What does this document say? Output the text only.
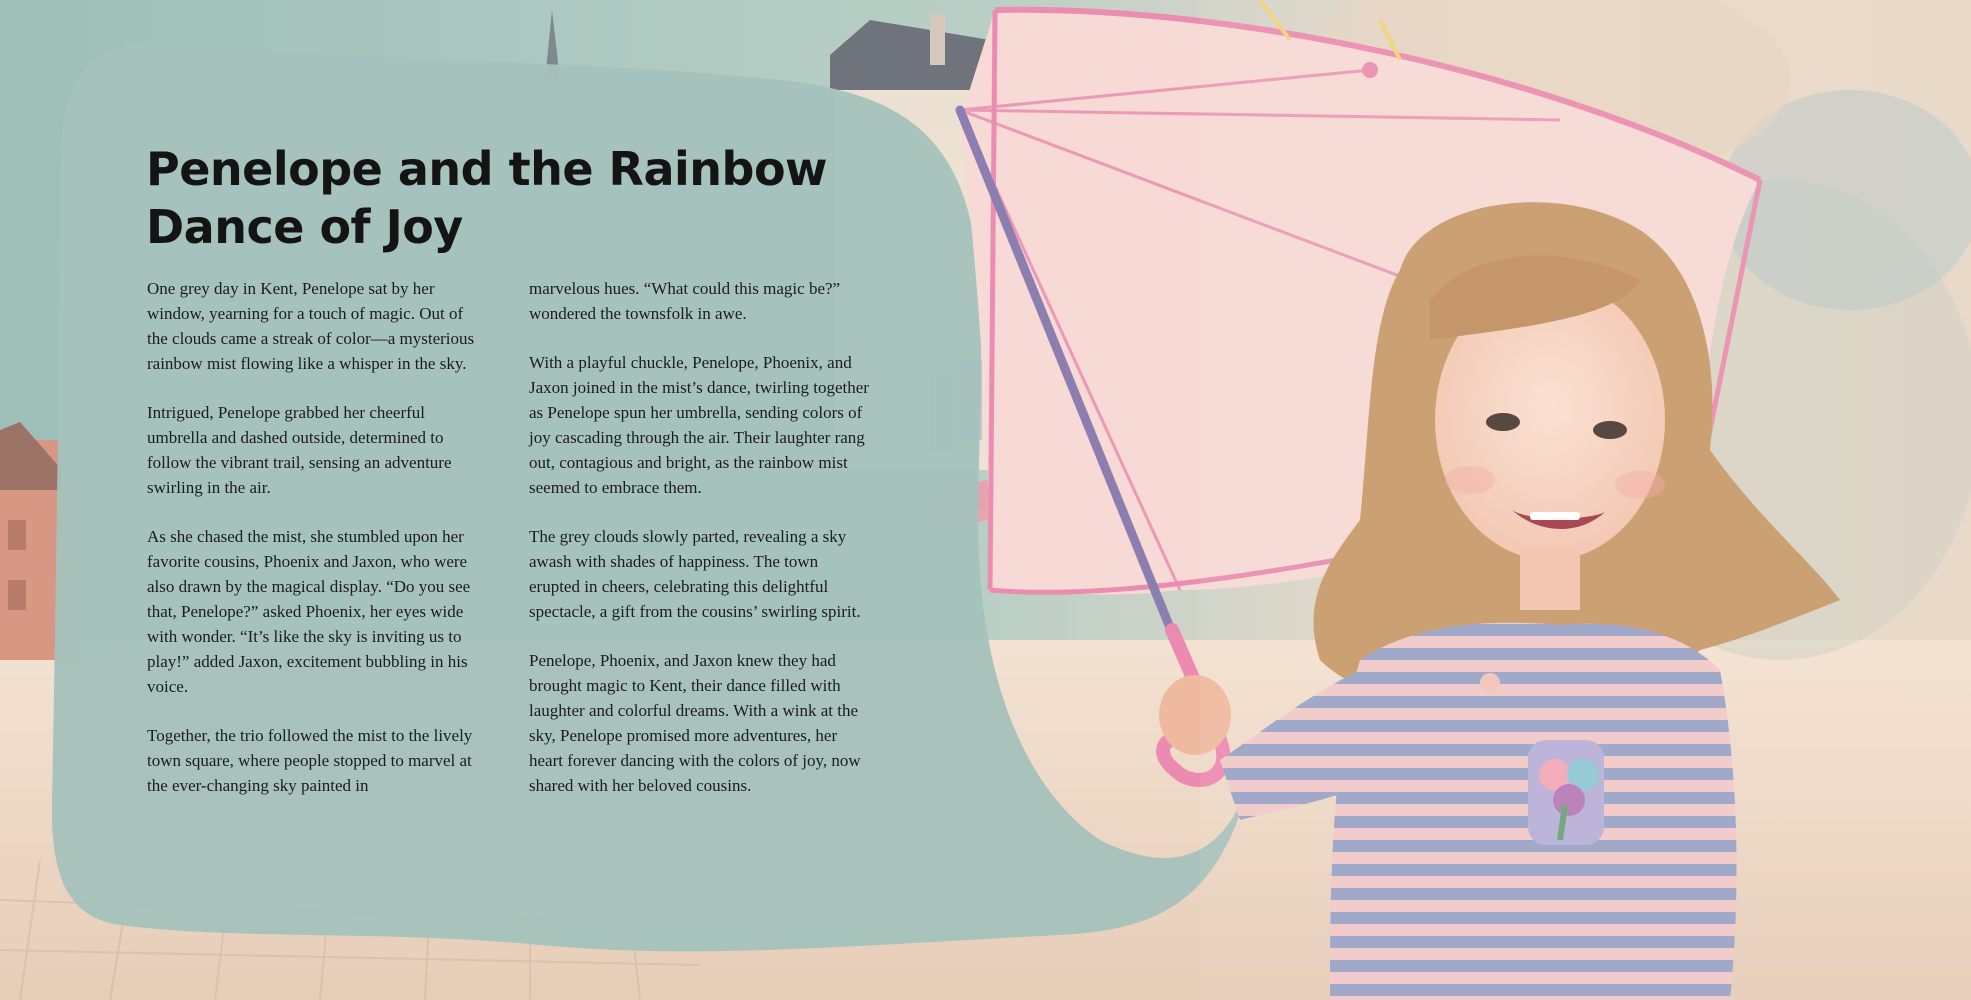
Penelope and the Rainbow Dance of Joy

One grey day in Kent, Penelope sat by her window, yearning for a touch of magic. Out of the clouds came a streak of color—a mysterious rainbow mist flowing like a whisper in the sky.

Intrigued, Penelope grabbed her cheerful umbrella and dashed outside, determined to follow the vibrant trail, sensing an adventure swirling in the air.

As she chased the mist, she stumbled upon her favorite cousins, Phoenix and Jaxon, who were also drawn by the magical display. “Do you see that, Penelope?” asked Phoenix, her eyes wide with wonder. “It’s like the sky is inviting us to play!” added Jaxon, excitement bubbling in his voice.

Together, the trio followed the mist to the lively town square, where people stopped to marvel at the ever-changing sky painted in

marvelous hues. “What could this magic be?” wondered the townsfolk in awe.

With a playful chuckle, Penelope, Phoenix, and Jaxon joined in the mist’s dance, twirling together as Penelope spun her umbrella, sending colors of joy cascading through the air. Their laughter rang out, contagious and bright, as the rainbow mist seemed to embrace them.

The grey clouds slowly parted, revealing a sky awash with shades of happiness. The town erupted in cheers, celebrating this delightful spectacle, a gift from the cousins’ swirling spirit.

Penelope, Phoenix, and Jaxon knew they had brought magic to Kent, their dance filled with laughter and colorful dreams. With a wink at the sky, Penelope promised more adventures, her heart forever dancing with the colors of joy, now shared with her beloved cousins.
